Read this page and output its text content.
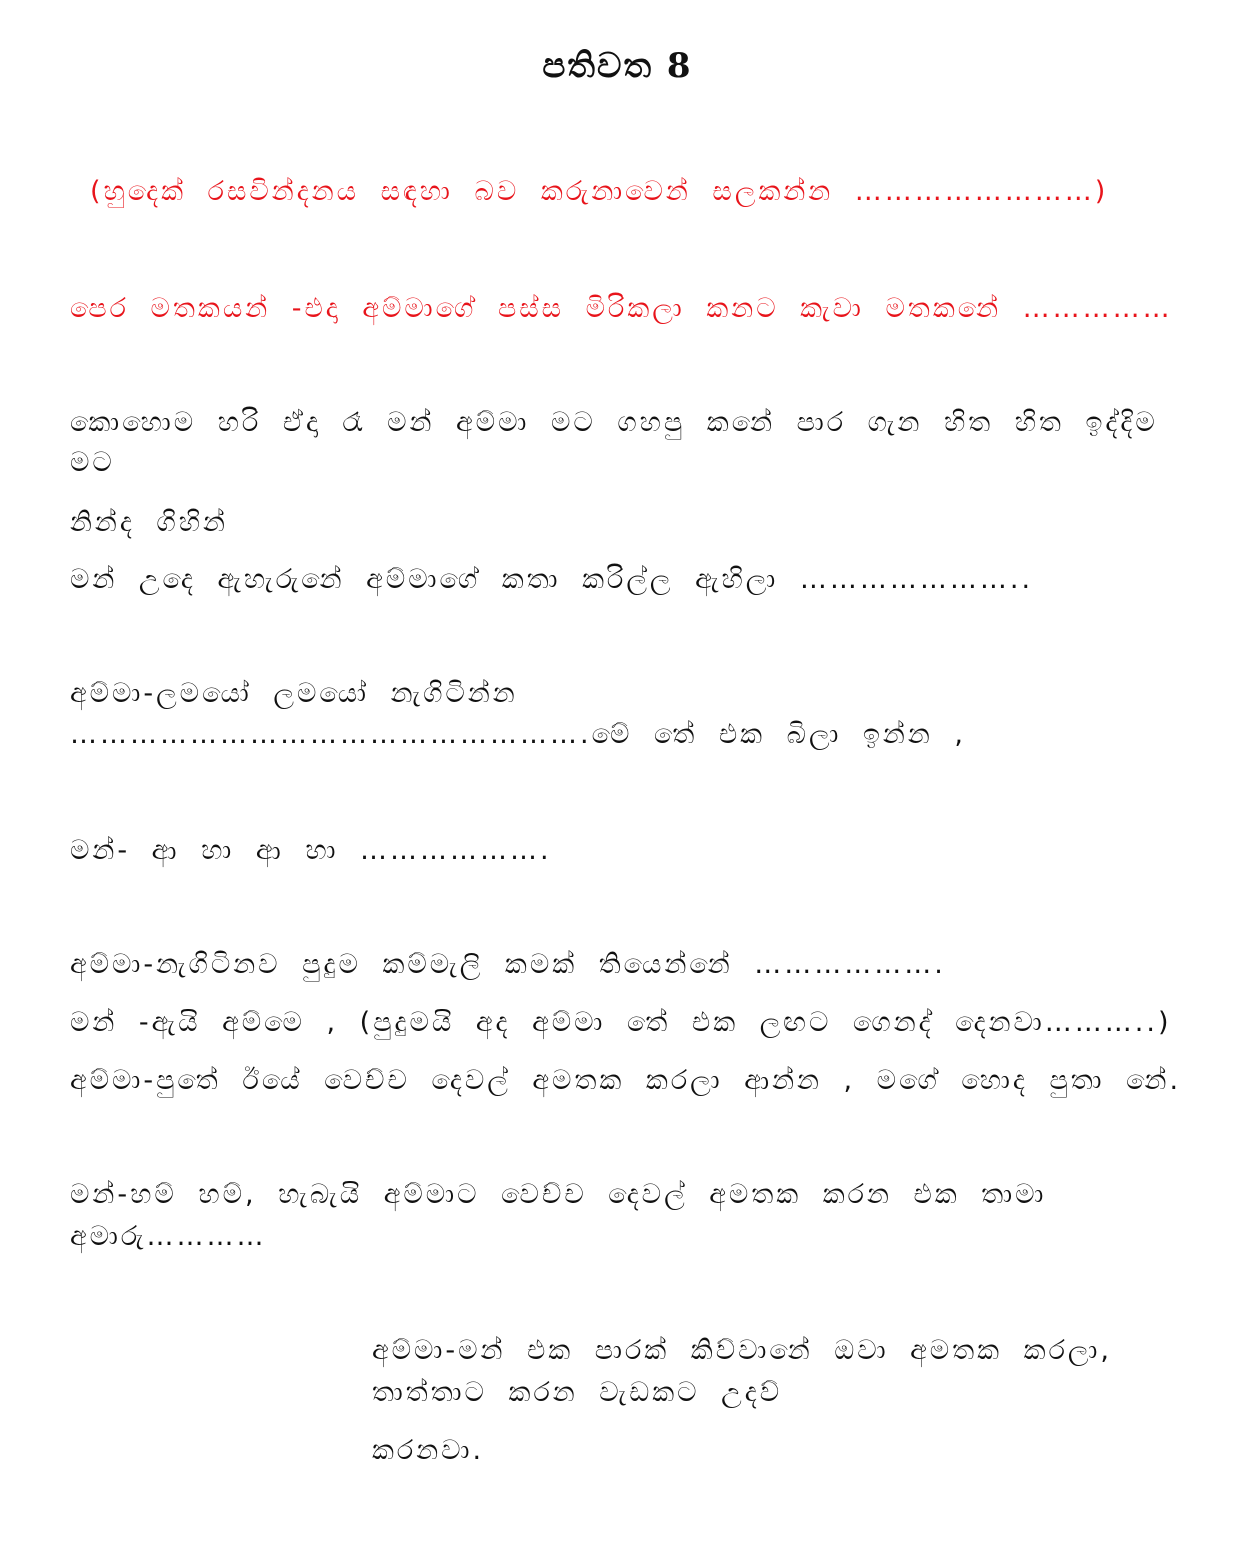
පතිවත 8
(හුදෙක් රසවින්දනය සඳහා බව කරුනාවෙන් සලකන්න ……………………)
පෙර මතකයන් -එදා අම්මාගේ පස්ස මිරිකලා කනට කැවා මතකනේ ……………
කොහොම හරි ඒදා රෑ මන් අම්මා මට ගහපු කනේ පාර ගැන හිත හිත ඉද්දිම
මට
නින්ද ගිහින්
මන් උදෙ ඇහැරුනේ අම්මාගේ කතා කරිල්ල ඇහිලා …………………..
අම්මා-ලමයෝ ලමයෝ නැගිටින්න
…………………………………………….මේ තේ එක බිලා ඉන්න ,
මන්- ආ හා ආ හා ……………….
අම්මා-නැගිටිනව පුදුම කම්මැලි කමක් තියෙන්නේ ……………….
මන් -ඇයි අම්මෙ , (පුදුමයි අද අම්මා තේ එක ලඟට ගෙනද් දෙනවා………..)
අම්මා-පුතේ ඊයේ වෙච්ච දෙවල් අමතක කරලා ආන්න , මගේ හොද පුතා නේ.
මන්-හම් හම්, හැබැයි අම්මාට වෙච්ච දෙවල් අමතක කරන එක තාමා
අමාරු…………
අම්මා-මන් එක පාරක් කිව්වානේ ඔවා අමතක කරලා,
තාත්තාට කරන වැඩකට උදව්
කරනවා.
